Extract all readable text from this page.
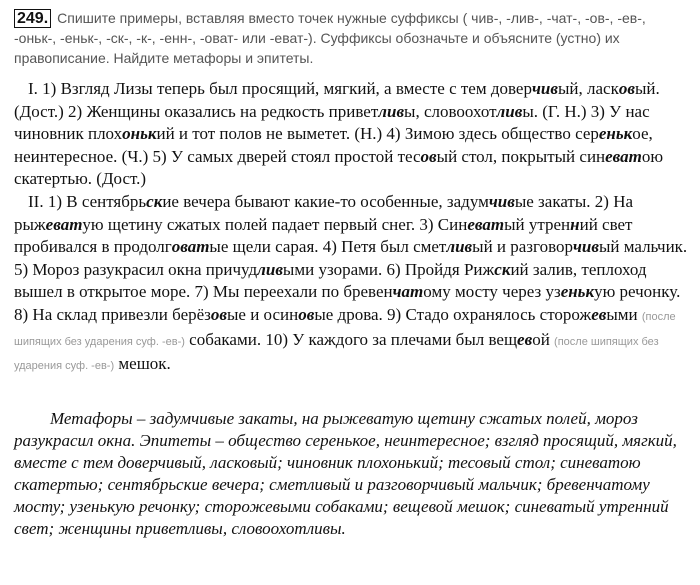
249. Спишите примеры, вставляя вместо точек нужные суффиксы ( чив-, -лив-, -чат-, -ов-, -ев-, -оньк-, -еньк-, -ск-, -к-, -енн-, -оват- или -еват-). Суффиксы обозначьте и объясните (устно) их правописание. Найдите метафоры и эпитеты.

I. 1) Взгляд Лизы теперь был просящий, мягкий, а вместе с тем доверчивый, ласковый. (Дост.) 2) Женщины оказались на редкость приветливы, словоохотливы. (Г. Н.) 3) У нас чиновник плохонький и тот полов не выметет. (Н.) 4) Зимою здесь общество серенькое, неинтересное. (Ч.) 5) У самых дверей стоял простой тесовый стол, покрытый синеватою скатертью. (Дост.)

II. 1) В сентябрьские вечера бывают какие-то особенные, задумчивые закаты. 2) На рыжеватую щетину сжатых полей падает первый снег. 3) Синеватый утренний свет пробивался в продолговатые щели сарая. 4) Петя был сметливый и разговорчивый мальчик. 5) Мороз разукрасил окна причудливыми узорами. 6) Пройдя Рижский залив, теплоход вышел в открытое море. 7) Мы переехали по бревенчатому мосту через узенькую речонку. 8) На склад привезли берёзовые и осиновые дрова. 9) Стадо охранялось сторожевыми (после шипящих без ударения суф. -ев-) собаками. 10) У каждого за плечами был вещевой (после шипящих без ударения суф. -ев-) мешок.

Метафоры – задумчивые закаты, на рыжеватую щетину сжатых полей, мороз разукрасил окна. Эпитеты – общество серенькое, неинтересное; взгляд просящий, мягкий, вместе с тем доверчивый, ласковый; чиновник плохонький; тесовый стол; синеватою скатертью; сентябрьские вечера; сметливый и разговорчивый мальчик; бревенчатому мосту; узенькую речонку; сторожевыми собаками; вещевой мешок; синеватый утренний свет; женщины приветливы, словоохотливы.
